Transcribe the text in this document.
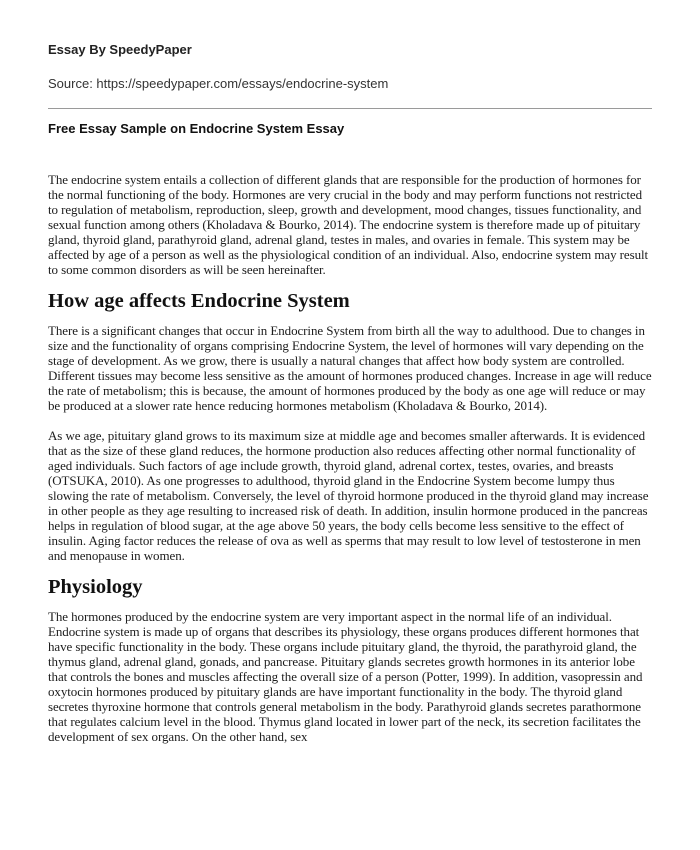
Essay By SpeedyPaper

Source: https://speedypaper.com/essays/endocrine-system

Free Essay Sample on Endocrine System Essay

The endocrine system entails a collection of different glands that are responsible for the production of hormones for the normal functioning of the body. Hormones are very crucial in the body and may perform functions not restricted to regulation of metabolism, reproduction, sleep, growth and development, mood changes, tissues functionality, and sexual function among others (Kholadava & Bourko, 2014). The endocrine system is therefore made up of pituitary gland, thyroid gland, parathyroid gland, adrenal gland, testes in males, and ovaries in female. This system may be affected by age of a person as well as the physiological condition of an individual. Also, endocrine system may result to some common disorders as will be seen hereinafter.

How age affects Endocrine System

There is a significant changes that occur in Endocrine System from birth all the way to adulthood. Due to changes in size and the functionality of organs comprising Endocrine System, the level of hormones will vary depending on the stage of development. As we grow, there is usually a natural changes that affect how body system are controlled. Different tissues may become less sensitive as the amount of hormones produced changes. Increase in age will reduce the rate of metabolism; this is because, the amount of hormones produced by the body as one age will reduce or may be produced at a slower rate hence reducing hormones metabolism (Kholadava & Bourko, 2014).

As we age, pituitary gland grows to its maximum size at middle age and becomes smaller afterwards. It is evidenced that as the size of these gland reduces, the hormone production also reduces affecting other normal functionality of aged individuals. Such factors of age include growth, thyroid gland, adrenal cortex, testes, ovaries, and breasts (OTSUKA, 2010). As one progresses to adulthood, thyroid gland in the Endocrine System become lumpy thus slowing the rate of metabolism. Conversely, the level of thyroid hormone produced in the thyroid gland may increase in other people as they age resulting to increased risk of death. In addition, insulin hormone produced in the pancreas helps in regulation of blood sugar, at the age above 50 years, the body cells become less sensitive to the effect of insulin. Aging factor reduces the release of ova as well as sperms that may result to low level of testosterone in men and menopause in women.

Physiology

The hormones produced by the endocrine system are very important aspect in the normal life of an individual. Endocrine system is made up of organs that describes its physiology, these organs produces different hormones that have specific functionality in the body. These organs include pituitary gland, the thyroid, the parathyroid gland, the thymus gland, adrenal gland, gonads, and pancrease. Pituitary glands secretes growth hormones in its anterior lobe that controls the bones and muscles affecting the overall size of a person (Potter, 1999). In addition, vasopressin and oxytocin hormones produced by pituitary glands are have important functionality in the body. The thyroid gland secretes thyroxine hormone that controls general metabolism in the body. Parathyroid glands secretes parathormone that regulates calcium level in the blood. Thymus gland located in lower part of the neck, its secretion facilitates the development of sex organs. On the other hand, sex
